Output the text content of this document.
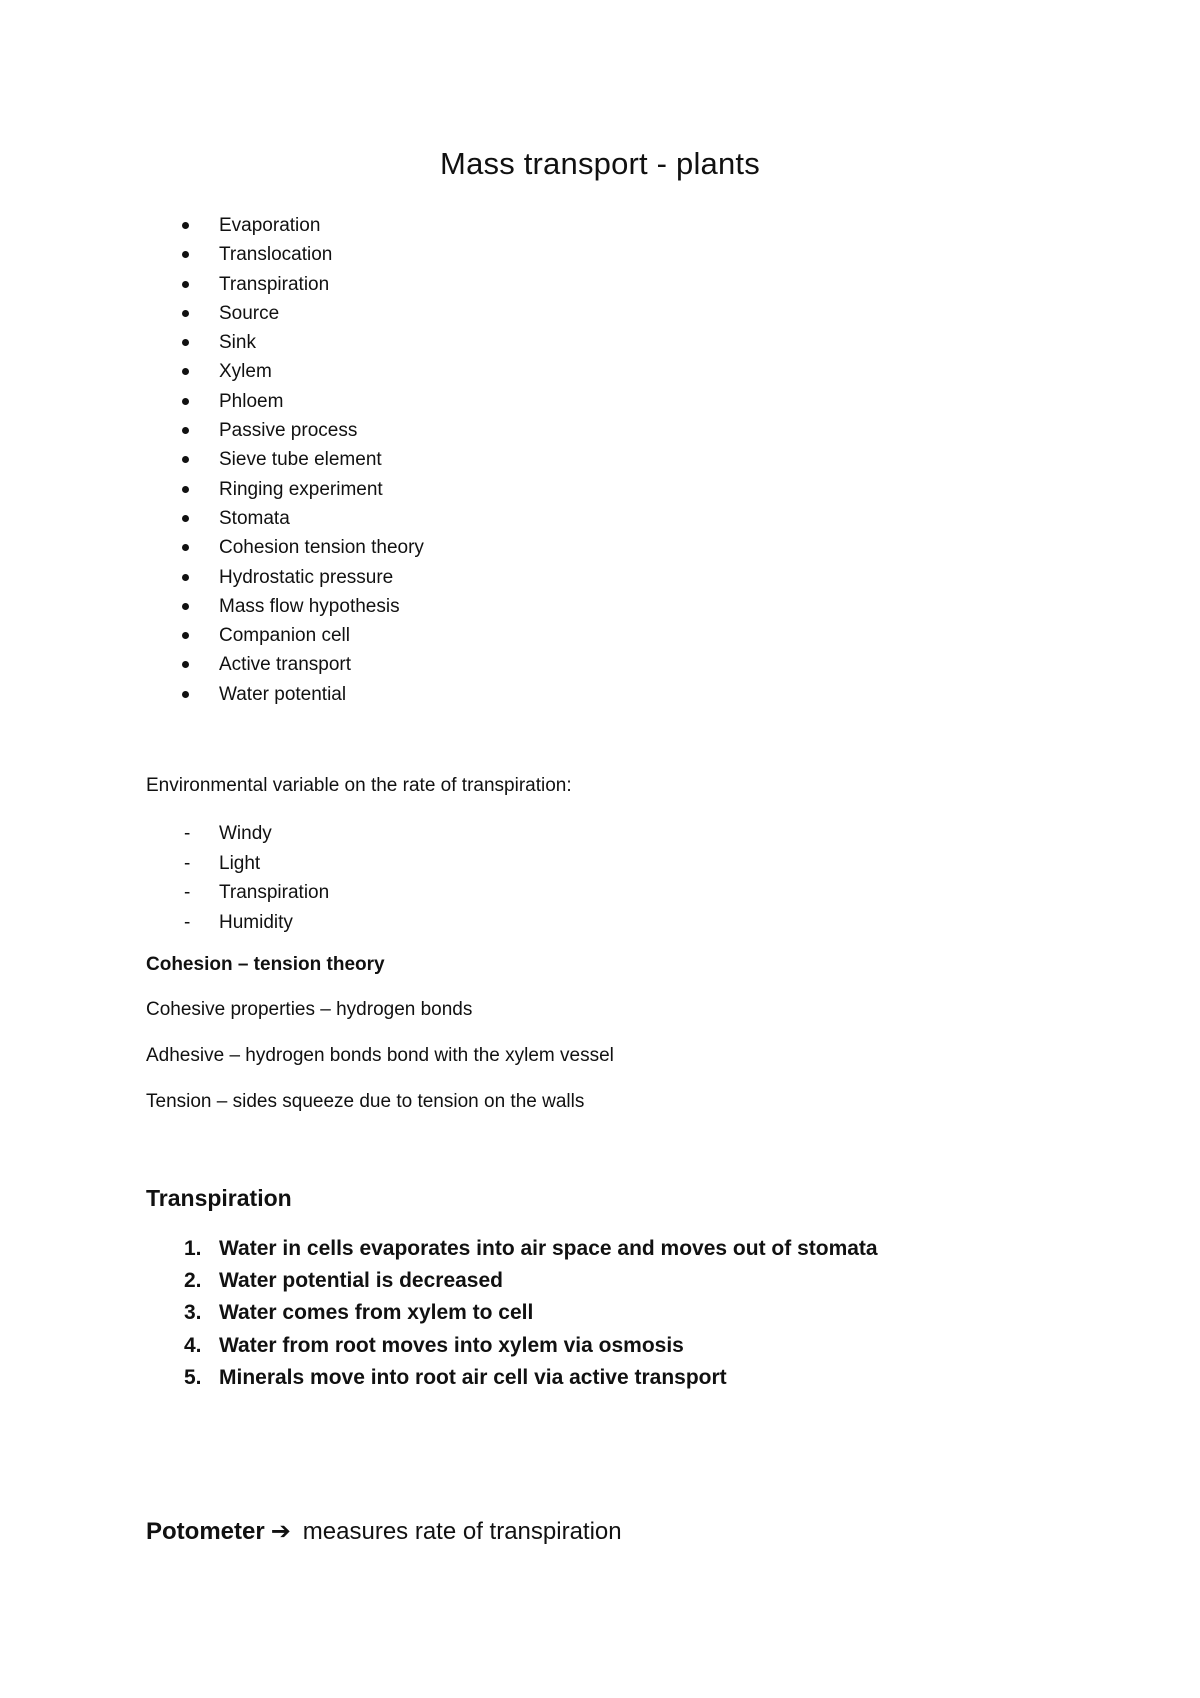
Mass transport - plants
Evaporation
Translocation
Transpiration
Source
Sink
Xylem
Phloem
Passive process
Sieve tube element
Ringing experiment
Stomata
Cohesion tension theory
Hydrostatic pressure
Mass flow hypothesis
Companion cell
Active transport
Water potential
Environmental variable on the rate of transpiration:
- Windy
- Light
- Transpiration
- Humidity
Cohesion – tension theory
Cohesive properties – hydrogen bonds
Adhesive – hydrogen bonds bond with the xylem vessel
Tension – sides squeeze due to tension on the walls
Transpiration
1. Water in cells evaporates into air space and moves out of stomata
2. Water potential is decreased
3. Water comes from xylem to cell
4. Water from root moves into xylem via osmosis
5. Minerals move into root air cell via active transport
Potometer ➔ measures rate of transpiration
